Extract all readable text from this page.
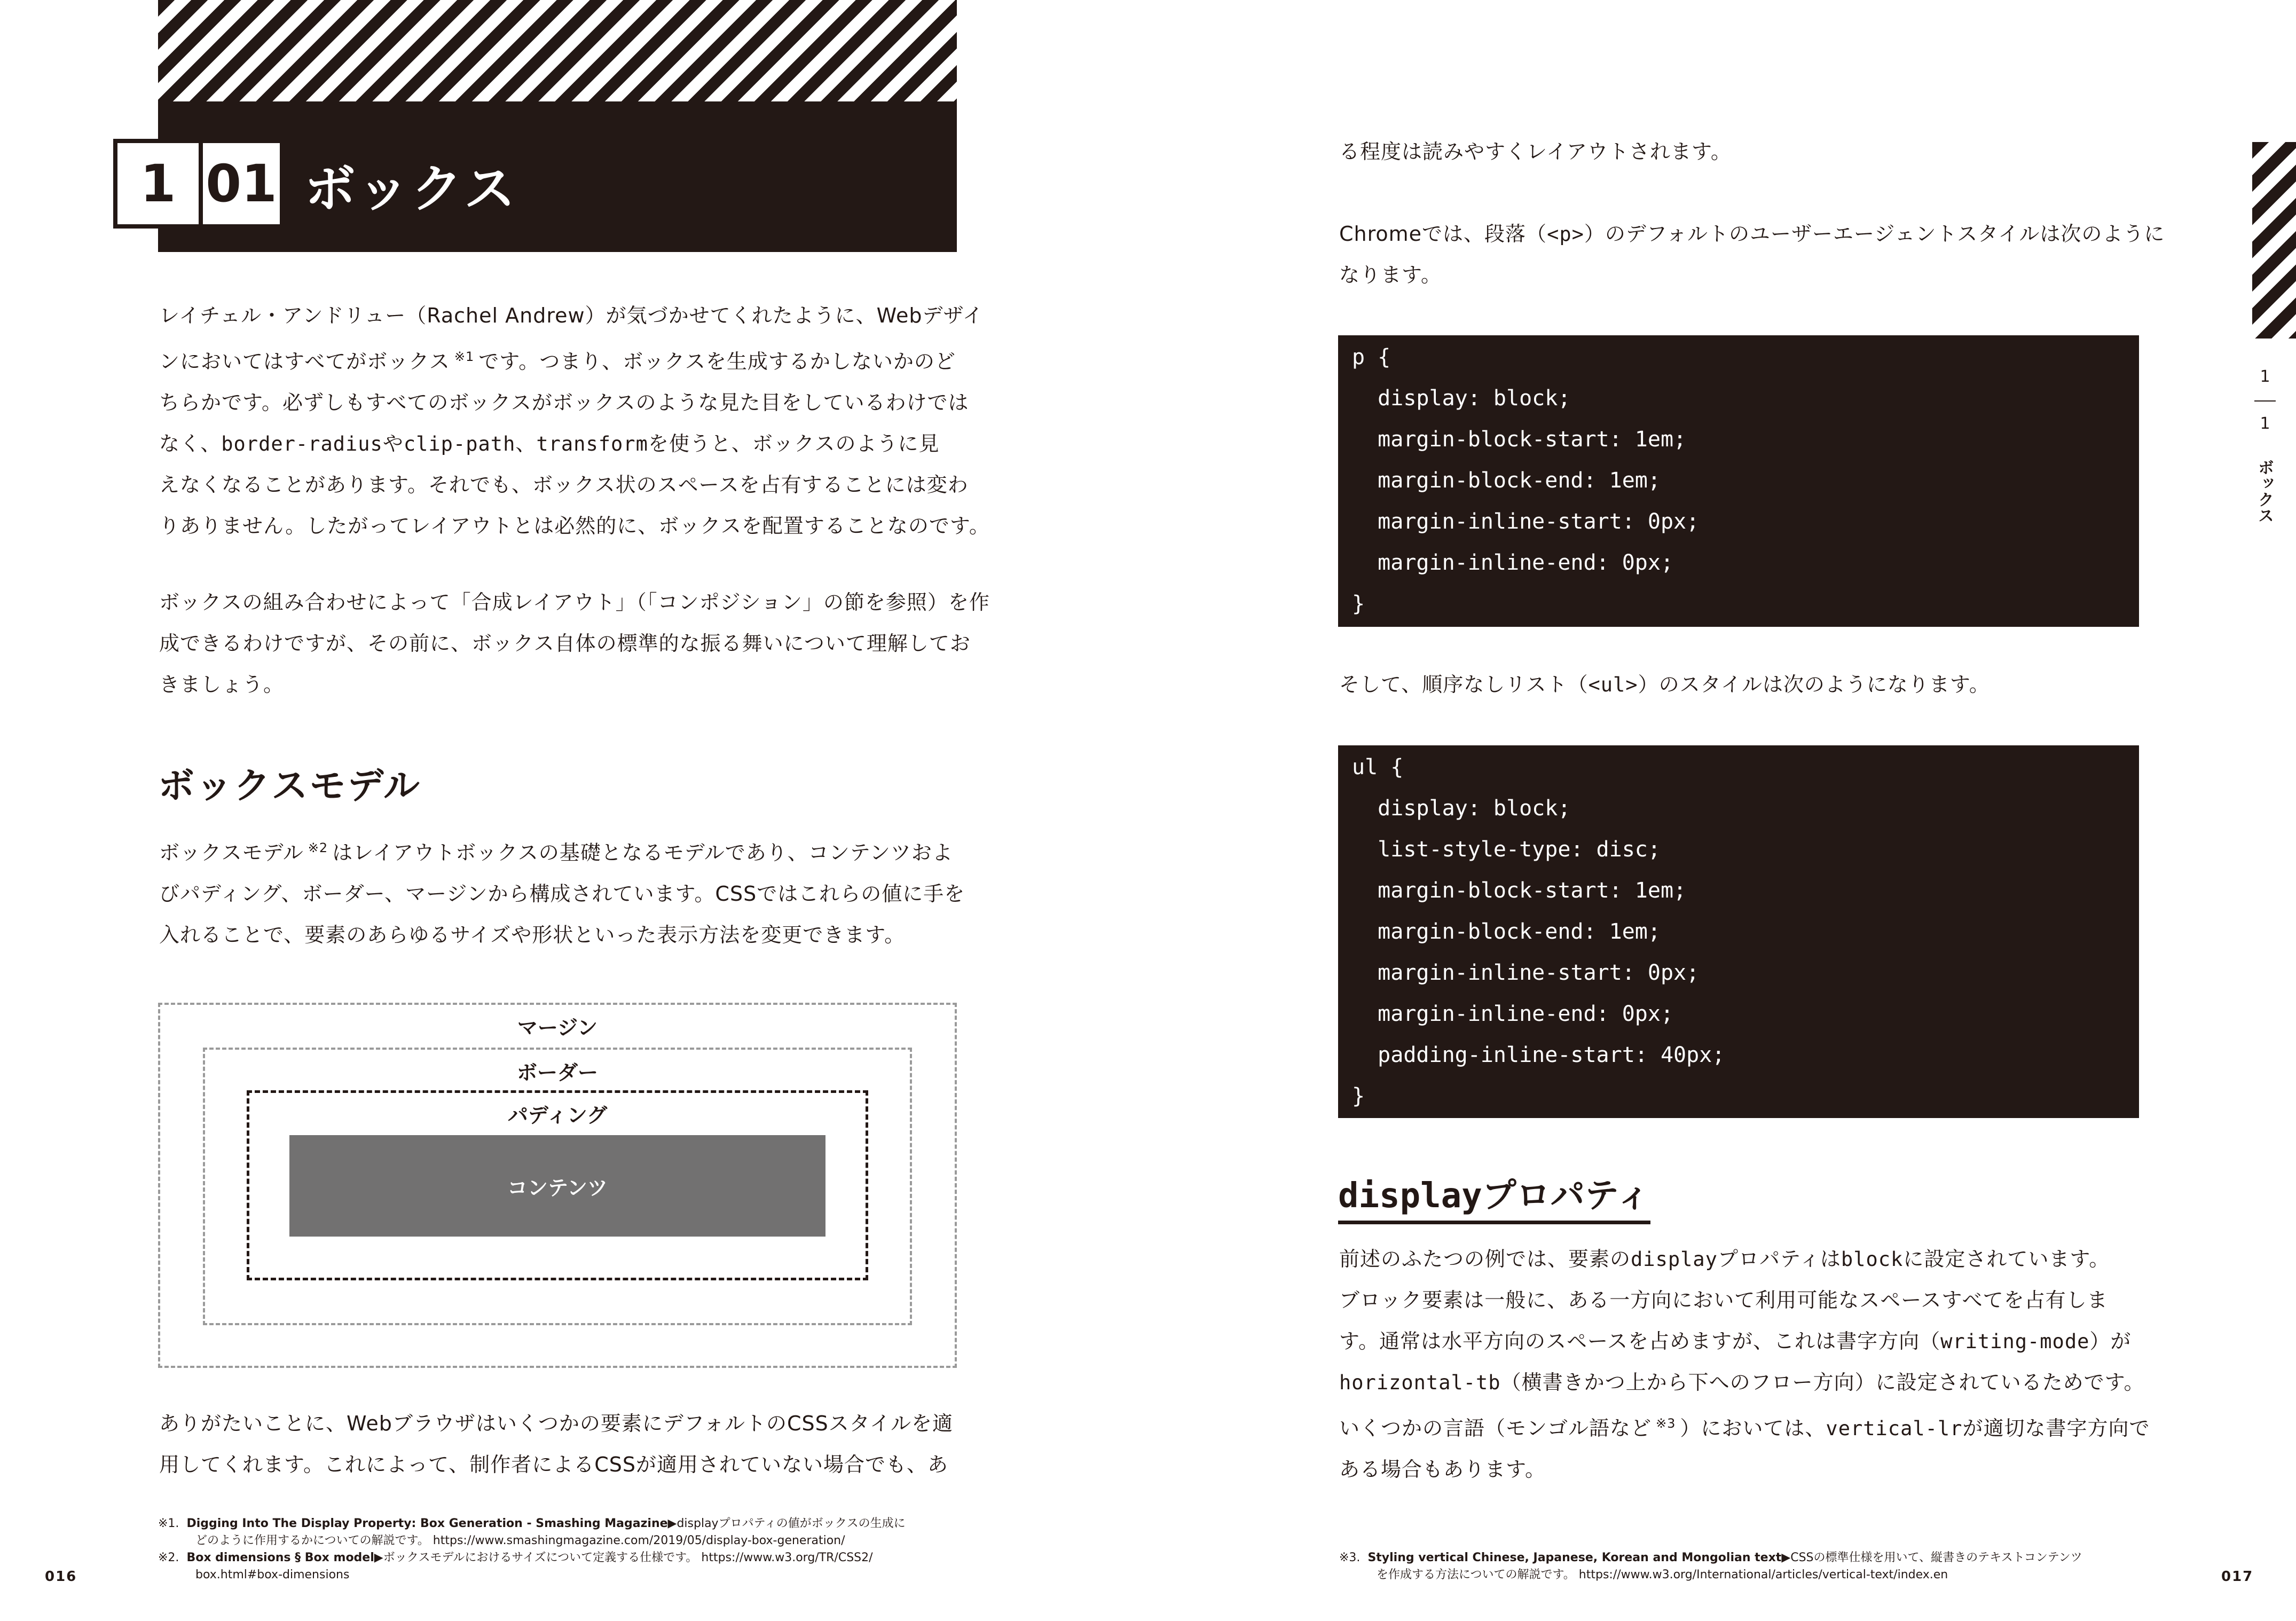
1 01 ボックス
レイチェル・アンドリュー（Rachel Andrew）が気づかせてくれたように、Webデザイ
ンにおいてはすべてがボックス $^{※1}$ です。つまり、ボックスを生成するかしないかのど
ちらかです。必ずしもすべてのボックスがボックスのような見た目をしているわけでは
なく、border-radiusやclip-path、transformを使うと、ボックスのように見
えなくなることがあります。それでも、ボックス状のスペースを占有することには変わ
りありません。したがってレイアウトとは必然的に、ボックスを配置することなのです。
ボックスの組み合わせによって「合成レイアウト」（「コンポジション」の節を参照）を作
成できるわけですが、その前に、ボックス自体の標準的な振る舞いについて理解してお
きましょう。
ボックスモデル
ボックスモデル $^{※2}$ はレイアウトボックスの基礎となるモデルであり、コンテンツおよ
びパディング、ボーダー、マージンから構成されています。CSSではこれらの値に手を
入れることで、要素のあらゆるサイズや形状といった表示方法を変更できます。
コンテンツ
マージン
ボーダー
パディング
ありがたいことに、Webブラウザはいくつかの要素にデフォルトのCSSスタイルを適
用してくれます。これによって、制作者によるCSSが適用されていない場合でも、あ
※1. Digging Into The Display Property: Box Generation - Smashing Magazine▶displayプロパティの値がボックスの生成に
どのように作用するかについての解説です。 https://www.smashingmagazine.com/2019/05/display-box-generation/
※2. Box dimensions § Box model▶ボックスモデルにおけるサイズについて定義する仕様です。 https://www.w3.org/TR/CSS2/
box.html#box-dimensions
016
る程度は読みやすくレイアウトされます。
Chromeでは、段落（<p>）のデフォルトのユーザーエージェントスタイルは次のように
なります。
p {
display: block;
margin-block-start: 1em;
margin-block-end: 1em;
margin-inline-start: 0px;
margin-inline-end: 0px;
}
そして、順序なしリスト（<ul>）のスタイルは次のようになります。
ul {
display: block;
list-style-type: disc;
margin-block-start: 1em;
margin-block-end: 1em;
margin-inline-start: 0px;
margin-inline-end: 0px;
padding-inline-start: 40px;
}
displayプロパティ
前述のふたつの例では、要素のdisplayプロパティはblockに設定されています。
ブロック要素は一般に、ある一方向において利用可能なスペースすべてを占有しま
す。通常は水平方向のスペースを占めますが、これは書字方向（writing-mode）が
horizontal-tb（横書きかつ上から下へのフロー方向）に設定されているためです。
いくつかの言語（モンゴル語など $^{※3}$ ）においては、vertical-lrが適切な書字方向で
ある場合もあります。
※3. Styling vertical Chinese, Japanese, Korean and Mongolian text▶CSSの標準仕様を用いて、縦書きのテキストコンテンツ
を作成する方法についての解説です。 https://www.w3.org/International/articles/vertical-text/index.en	017
1
1
ボックス
